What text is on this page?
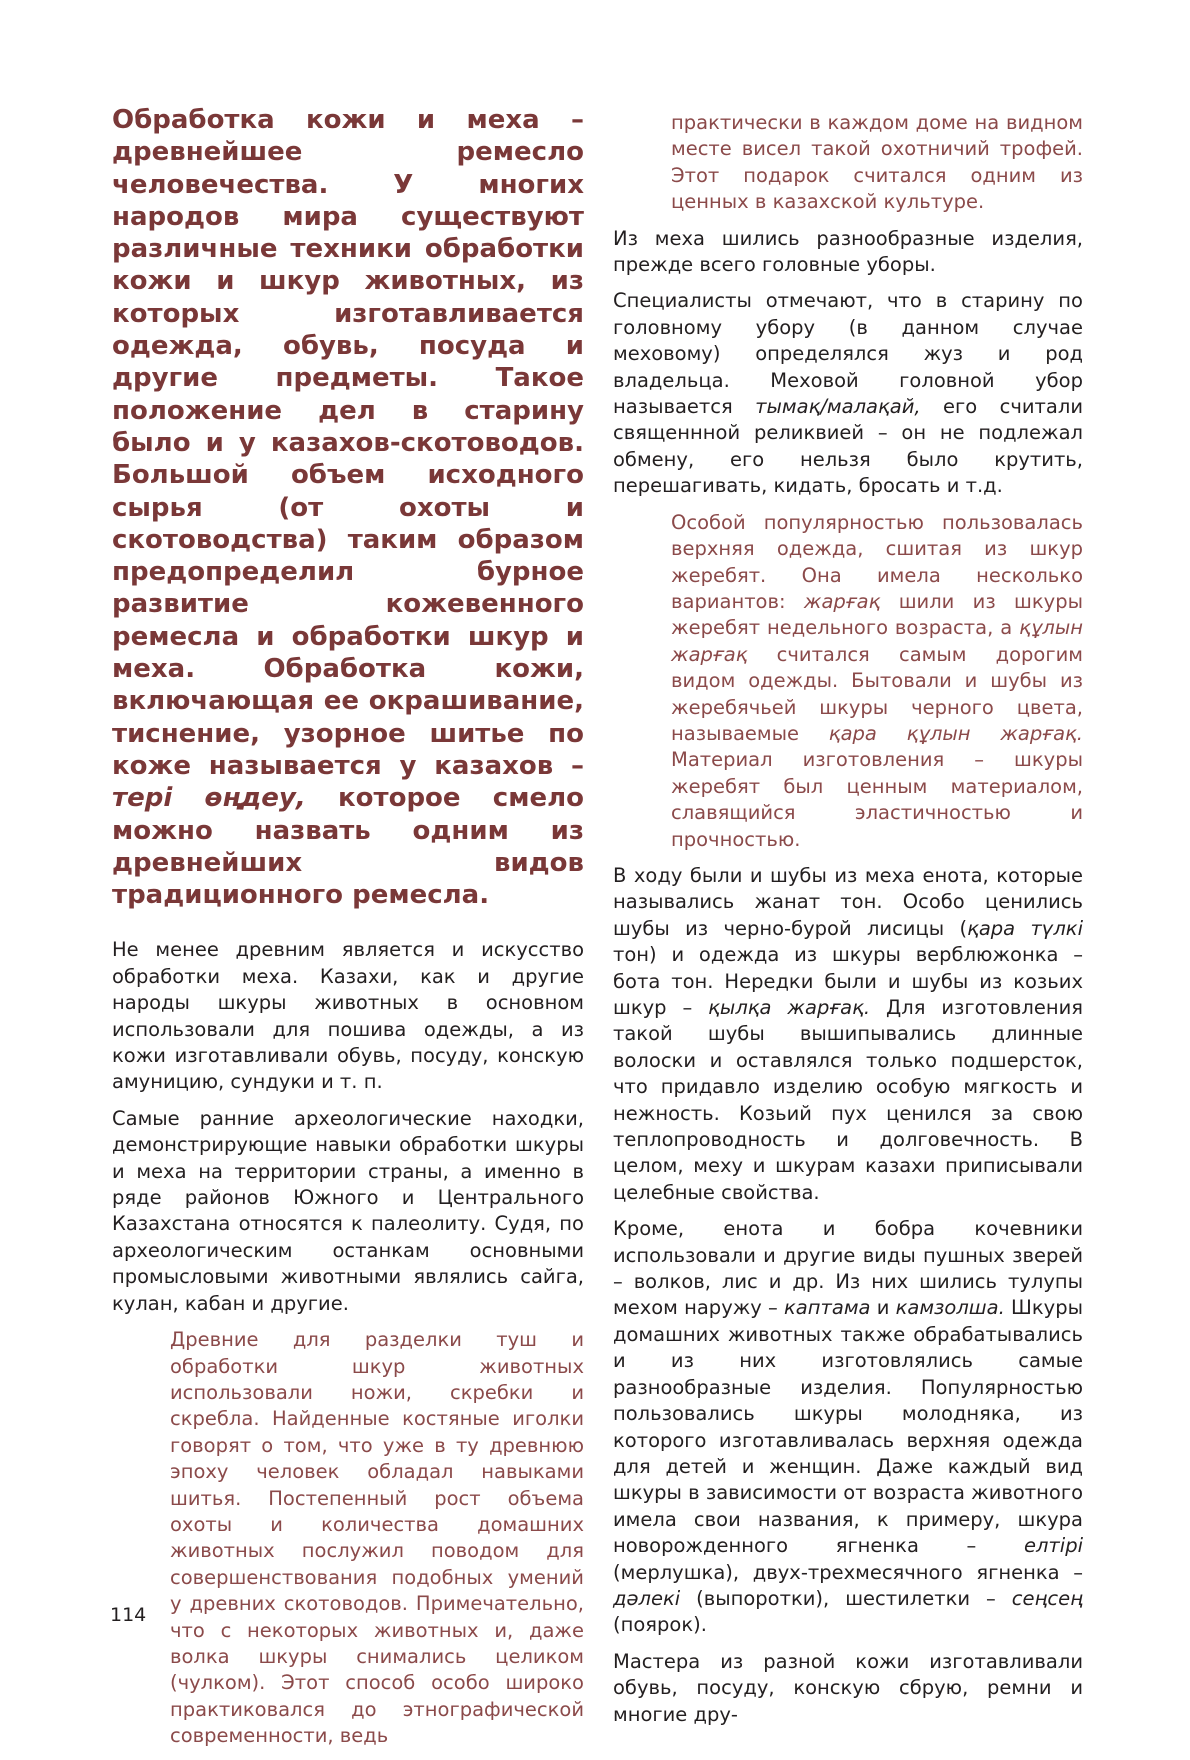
Обработка кожи и меха – древнейшее ремесло человечества. У многих народов мира существуют различные техники обработки кожи и шкур животных, из которых изготавливается одежда, обувь, посуда и другие предметы. Такое положение дел в старину было и у казахов-скотоводов. Большой объем исходного сырья (от охоты и скотоводства) таким образом предопределил бурное развитие кожевенного ремесла и обработки шкур и меха. Обработка кожи, включающая ее окрашивание, тиснение, узорное шитье по коже называется у казахов – тері өңдеу, которое смело можно назвать одним из древнейших видов традиционного ремесла.

Не менее древним является и искусство обработки меха. Казахи, как и другие народы шкуры животных в основном использовали для пошива одежды, а из кожи изготавливали обувь, посуду, конскую амуницию, сундуки и т. п.

Самые ранние археологические находки, демонстрирующие навыки обработки шкуры и меха на территории страны, а именно в ряде районов Южного и Центрального Казахстана относятся к палеолиту. Судя, по археологическим останкам основными промысловыми животными являлись сайга, кулан, кабан и другие.

Древние для разделки туш и обработки шкур животных использовали ножи, скребки и скребла. Найденные костяные иголки говорят о том, что уже в ту древнюю эпоху человек обладал навыками шитья. Постепенный рост объема охоты и количества домашних животных послужил поводом для совершенствования подобных умений у древних скотоводов. Примечательно, что с некоторых животных и, даже волка шкуры снимались целиком (чулком). Этот способ особо широко практиковался до этнографической современности, ведь

практически в каждом доме на видном месте висел такой охотничий трофей. Этот подарок считался одним из ценных в казахской культуре.

Из меха шились разнообразные изделия, прежде всего головные уборы.

Специалисты отмечают, что в старину по головному убору (в данном случае меховому) определялся жуз и род владельца. Меховой головной убор называется тымақ/малақай, его считали священнной реликвией – он не подлежал обмену, его нельзя было крутить, перешагивать, кидать, бросать и т.д.

Особой популярностью пользовалась верхняя одежда, сшитая из шкур жеребят. Она имела несколько вариантов: жарғақ шили из шкуры жеребят недельного возраста, а құлын жарғақ считался самым дорогим видом одежды. Бытовали и шубы из жеребячьей шкуры черного цвета, называемые қара құлын жарғақ. Материал изготовления – шкуры жеребят был ценным материалом, славящийся эластичностью и прочностью.

В ходу были и шубы из меха енота, которые назывались жанат тон. Особо ценились шубы из черно-бурой лисицы (қара түлкі тон) и одежда из шкуры верблюжонка – бота тон. Нередки были и шубы из козьих шкур – қылқа жарғақ. Для изготовления такой шубы вышипывались длинные волоски и оставлялся только подшерсток, что придавло изделию особую мягкость и нежность. Козьий пух ценился за свою теплопроводность и долговечность. В целом, меху и шкурам казахи приписывали целебные свойства.

Кроме, енота и бобра кочевники использовали и другие виды пушных зверей – волков, лис и др. Из них шились тулупы мехом наружу – каптама и камзолша. Шкуры домашних животных также обрабатывались и из них изготовлялись самые разнообразные изделия. Популярностью пользовались шкуры молодняка, из которого изготавливалась верхняя одежда для детей и женщин. Даже каждый вид шкуры в зависимости от возраста животного имела свои названия, к примеру, шкура новорожденного ягненка – елтірі (мерлушка), двух-трехмесячного ягненка – дәлекі (выпоротки), шестилетки – сеңсең (поярок).

Мастера из разной кожи изготавливали обувь, посуду, конскую сбрую, ремни и многие дру-

114
